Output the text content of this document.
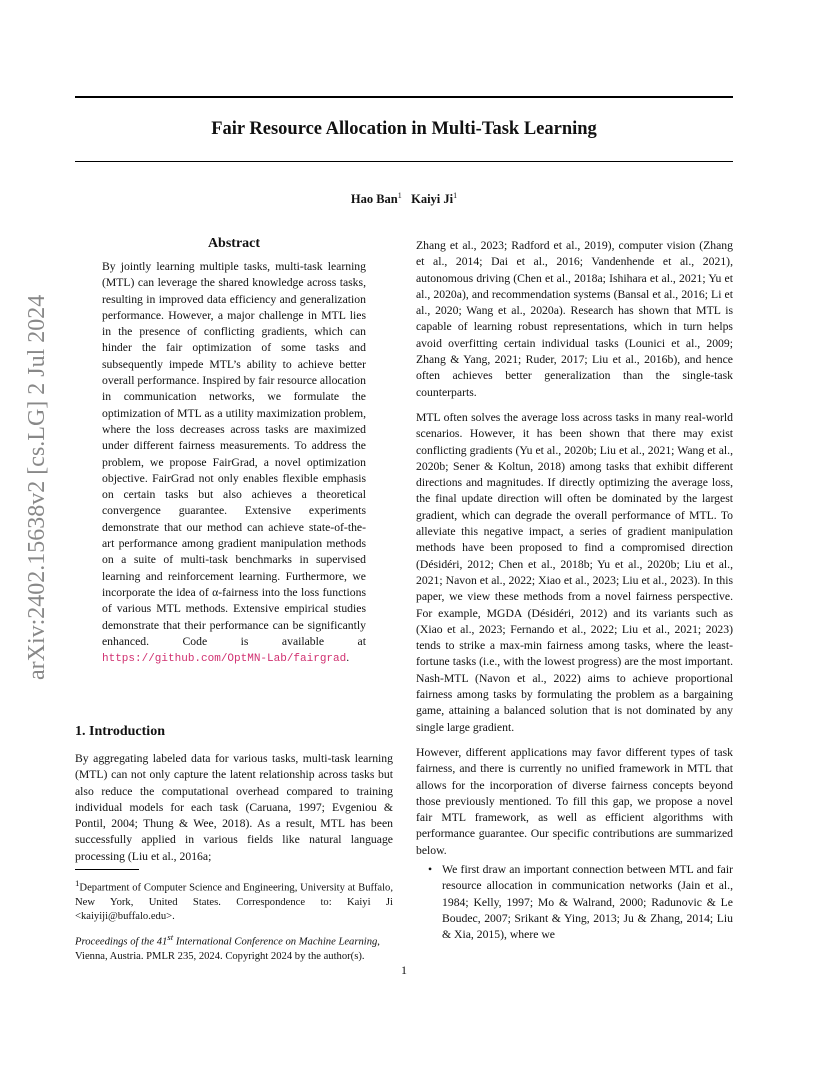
Fair Resource Allocation in Multi-Task Learning
Hao Ban$^1$ Kaiyi Ji$^1$
arXiv:2402.15638v2 [cs.LG] 2 Jul 2024
Abstract
By jointly learning multiple tasks, multi-task learning (MTL) can leverage the shared knowledge across tasks, resulting in improved data efficiency and generalization performance. However, a major challenge in MTL lies in the presence of conflicting gradients, which can hinder the fair optimization of some tasks and subsequently impede MTL’s ability to achieve better overall performance. Inspired by fair resource allocation in communication networks, we formulate the optimization of MTL as a utility maximization problem, where the loss decreases across tasks are maximized under different fairness measurements. To address the problem, we propose FairGrad, a novel optimization objective. FairGrad not only enables flexible emphasis on certain tasks but also achieves a theoretical convergence guarantee. Extensive experiments demonstrate that our method can achieve state-of-the-art performance among gradient manipulation methods on a suite of multi-task benchmarks in supervised learning and reinforcement learning. Furthermore, we incorporate the idea of α-fairness into the loss functions of various MTL methods. Extensive empirical studies demonstrate that their performance can be significantly enhanced. Code is available at https://github.com/OptMN-Lab/fairgrad.
1. Introduction

By aggregating labeled data for various tasks, multi-task learning (MTL) can not only capture the latent relationship across tasks but also reduce the computational overhead compared to training individual models for each task (Caruana, 1997; Evgeniou & Pontil, 2004; Thung & Wee, 2018). As a result, MTL has been successfully applied in various fields like natural language processing (Liu et al., 2016a;

$^1$Department of Computer Science and Engineering, University at Buffalo, New York, United States. Correspondence to: Kaiyi Ji <kaiyiji@buffalo.edu>.
Proceedings of the 41st International Conference on Machine Learning, Vienna, Austria. PMLR 235, 2024. Copyright 2024 by the author(s).

Zhang et al., 2023; Radford et al., 2019), computer vision (Zhang et al., 2014; Dai et al., 2016; Vandenhende et al., 2021), autonomous driving (Chen et al., 2018a; Ishihara et al., 2021; Yu et al., 2020a), and recommendation systems (Bansal et al., 2016; Li et al., 2020; Wang et al., 2020a). Research has shown that MTL is capable of learning robust representations, which in turn helps avoid overfitting certain individual tasks (Lounici et al., 2009; Zhang & Yang, 2021; Ruder, 2017; Liu et al., 2016b), and hence often achieves better generalization than the single-task counterparts.

MTL often solves the average loss across tasks in many real-world scenarios. However, it has been shown that there may exist conflicting gradients (Yu et al., 2020b; Liu et al., 2021; Wang et al., 2020b; Sener & Koltun, 2018) among tasks that exhibit different directions and magnitudes. If directly optimizing the average loss, the final update direction will often be dominated by the largest gradient, which can degrade the overall performance of MTL. To alleviate this negative impact, a series of gradient manipulation methods have been proposed to find a compromised direction (Désidéri, 2012; Chen et al., 2018b; Yu et al., 2020b; Liu et al., 2021; Navon et al., 2022; Xiao et al., 2023; Liu et al., 2023). In this paper, we view these methods from a novel fairness perspective. For example, MGDA (Désidéri, 2012) and its variants such as (Xiao et al., 2023; Fernando et al., 2022; Liu et al., 2021; 2023) tends to strike a max-min fairness among tasks, where the least-fortune tasks (i.e., with the lowest progress) are the most important. Nash-MTL (Navon et al., 2022) aims to achieve proportional fairness among tasks by formulating the problem as a bargaining game, attaining a balanced solution that is not dominated by any single large gradient.

However, different applications may favor different types of task fairness, and there is currently no unified framework in MTL that allows for the incorporation of diverse fairness concepts beyond those previously mentioned. To fill this gap, we propose a novel fair MTL framework, as well as efficient algorithms with performance guarantee. Our specific contributions are summarized below.

• We first draw an important connection between MTL and fair resource allocation in communication networks (Jain et al., 1984; Kelly, 1997; Mo & Walrand, 2000; Radunovic & Le Boudec, 2007; Srikant & Ying, 2013; Ju & Zhang, 2014; Liu & Xia, 2015), where we
1
